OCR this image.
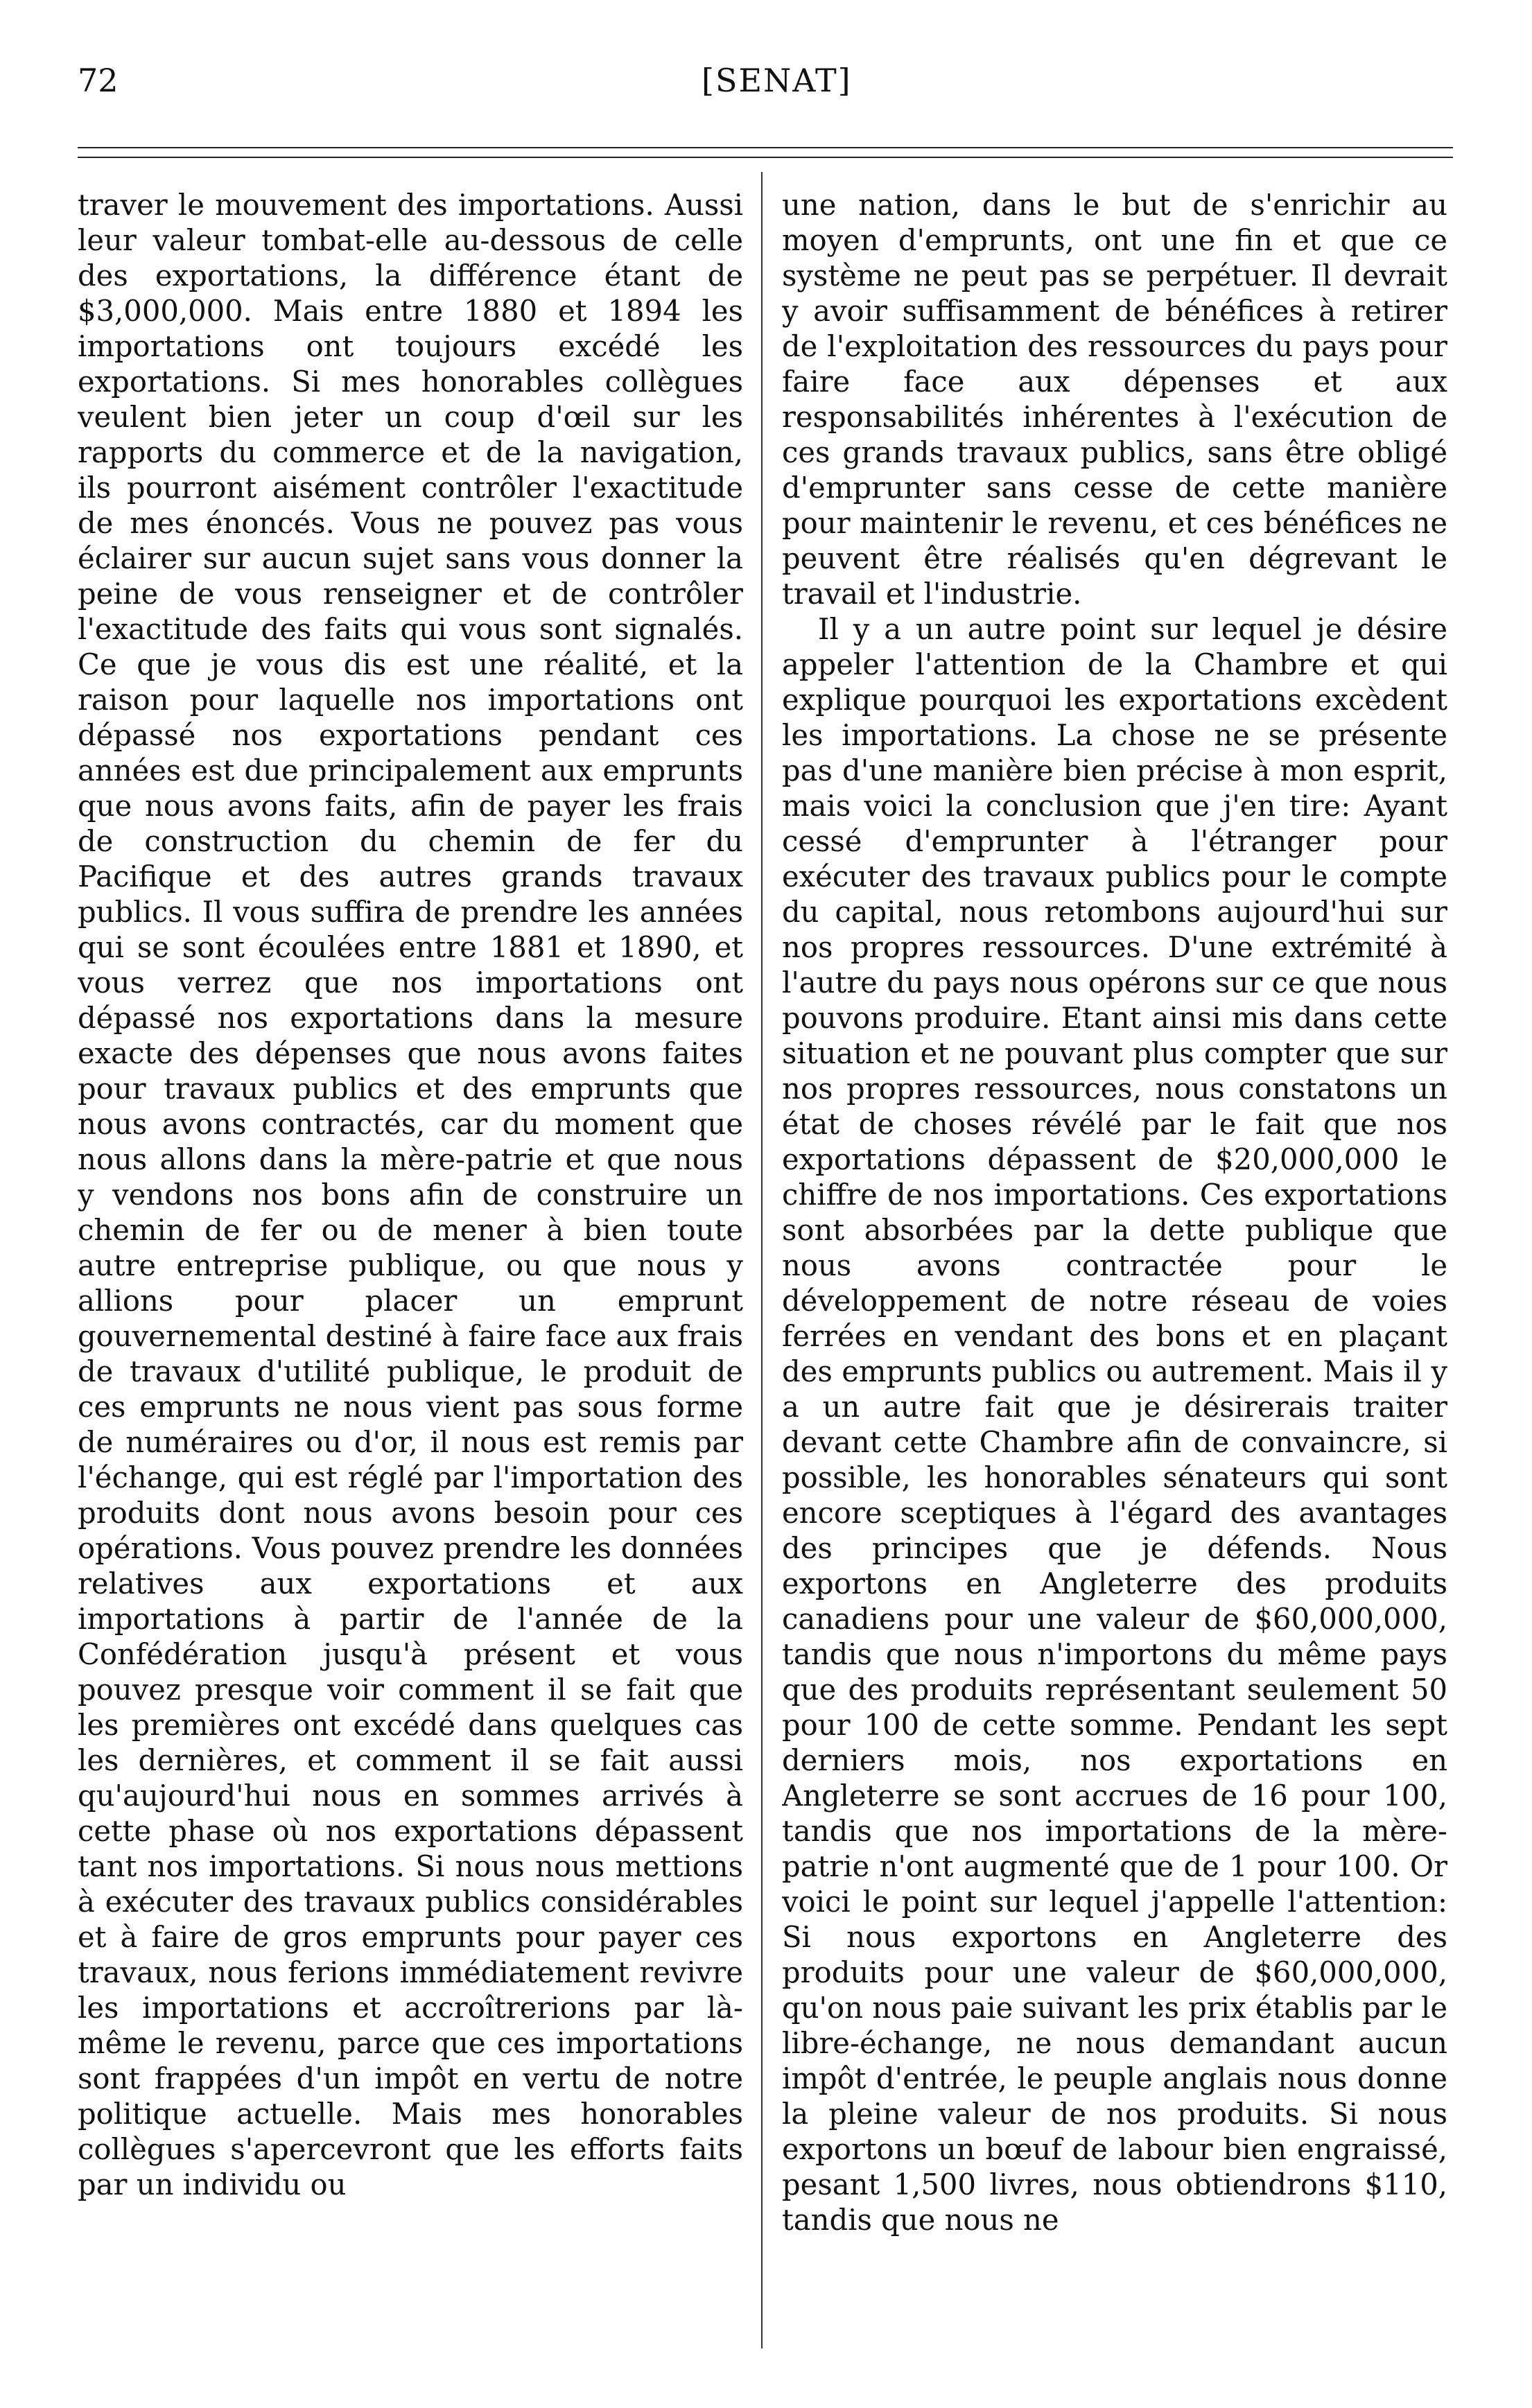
72	[SENAT]

traver le mouvement des importations. Aussi leur valeur tombat-elle au-dessous de celle des exportations, la différence étant de $3,000,000. Mais entre 1880 et 1894 les importations ont toujours excédé les exportations. Si mes honorables collègues veulent bien jeter un coup d'œil sur les rapports du commerce et de la navigation, ils pourront aisément contrôler l'exactitude de mes énoncés. Vous ne pouvez pas vous éclairer sur aucun sujet sans vous donner la peine de vous renseigner et de contrôler l'exactitude des faits qui vous sont signalés. Ce que je vous dis est une réalité, et la raison pour laquelle nos importations ont dépassé nos exportations pendant ces années est due principalement aux emprunts que nous avons faits, afin de payer les frais de construction du chemin de fer du Pacifique et des autres grands travaux publics. Il vous suffira de prendre les années qui se sont écoulées entre 1881 et 1890, et vous verrez que nos importations ont dépassé nos exportations dans la mesure exacte des dépenses que nous avons faites pour travaux publics et des emprunts que nous avons contractés, car du moment que nous allons dans la mère-patrie et que nous y vendons nos bons afin de construire un chemin de fer ou de mener à bien toute autre entreprise publique, ou que nous y allions pour placer un emprunt gouvernemental destiné à faire face aux frais de travaux d'utilité publique, le produit de ces emprunts ne nous vient pas sous forme de numéraires ou d'or, il nous est remis par l'échange, qui est réglé par l'importation des produits dont nous avons besoin pour ces opérations. Vous pouvez prendre les données relatives aux exportations et aux importations à partir de l'année de la Confédération jusqu'à présent et vous pouvez presque voir comment il se fait que les premières ont excédé dans quelques cas les dernières, et comment il se fait aussi qu'aujourd'hui nous en sommes arrivés à cette phase où nos exportations dépassent tant nos importations. Si nous nous mettions à exécuter des travaux publics considérables et à faire de gros emprunts pour payer ces travaux, nous ferions immédiatement revivre les importations et accroîtrerions par là-même le revenu, parce que ces importations sont frappées d'un impôt en vertu de notre politique actuelle. Mais mes honorables collègues s'apercevront que les efforts faits par un individu ou

une nation, dans le but de s'enrichir au moyen d'emprunts, ont une fin et que ce système ne peut pas se perpétuer. Il devrait y avoir suffisamment de bénéfices à retirer de l'exploitation des ressources du pays pour faire face aux dépenses et aux responsabilités inhérentes à l'exécution de ces grands travaux publics, sans être obligé d'emprunter sans cesse de cette manière pour maintenir le revenu, et ces bénéfices ne peuvent être réalisés qu'en dégrevant le travail et l'industrie.

Il y a un autre point sur lequel je désire appeler l'attention de la Chambre et qui explique pourquoi les exportations excèdent les importations. La chose ne se présente pas d'une manière bien précise à mon esprit, mais voici la conclusion que j'en tire: Ayant cessé d'emprunter à l'étranger pour exécuter des travaux publics pour le compte du capital, nous retombons aujourd'hui sur nos propres ressources. D'une extrémité à l'autre du pays nous opérons sur ce que nous pouvons produire. Etant ainsi mis dans cette situation et ne pouvant plus compter que sur nos propres ressources, nous constatons un état de choses révélé par le fait que nos exportations dépassent de $20,000,000 le chiffre de nos importations. Ces exportations sont absorbées par la dette publique que nous avons contractée pour le développement de notre réseau de voies ferrées en vendant des bons et en plaçant des emprunts publics ou autrement. Mais il y a un autre fait que je désirerais traiter devant cette Chambre afin de convaincre, si possible, les honorables sénateurs qui sont encore sceptiques à l'égard des avantages des principes que je défends. Nous exportons en Angleterre des produits canadiens pour une valeur de $60,000,000, tandis que nous n'importons du même pays que des produits représentant seulement 50 pour 100 de cette somme. Pendant les sept derniers mois, nos exportations en Angleterre se sont accrues de 16 pour 100, tandis que nos importations de la mère-patrie n'ont augmenté que de 1 pour 100. Or voici le point sur lequel j'appelle l'attention: Si nous exportons en Angleterre des produits pour une valeur de $60,000,000, qu'on nous paie suivant les prix établis par le libre-échange, ne nous demandant aucun impôt d'entrée, le peuple anglais nous donne la pleine valeur de nos produits. Si nous exportons un bœuf de labour bien engraissé, pesant 1,500 livres, nous obtiendrons $110, tandis que nous ne
